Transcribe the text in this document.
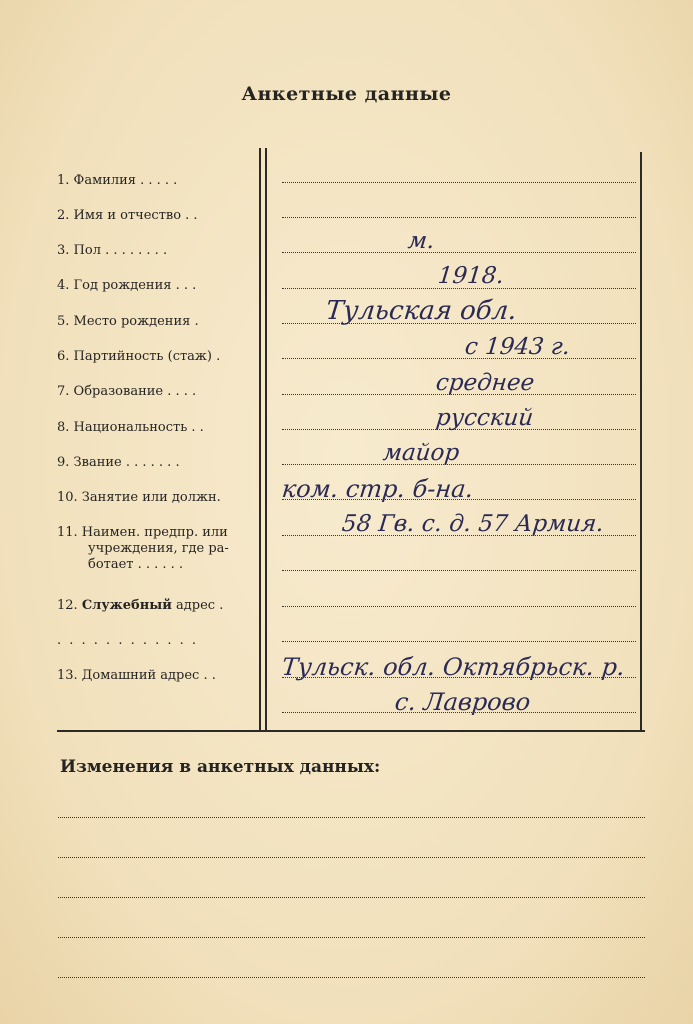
Анкетные данные
1. Фамилия . . . . .
2. Имя и отчество . .
3. Пол . . . . . . . .
4. Год рождения . . .
5. Место рождения .
6. Партийность (стаж) .
7. Образование . . . .
8. Национальность . .
9. Звание . . . . . . .
10. Занятие или должн.
11. Наимен. предпр. или
учреждения, где ра-
ботает . . . . . .
12. Служебный адрес .
. . . . . . . . . . . .
13. Домашний адрес . .
м.
1918.
Тульская обл.
с 1943 г.
среднее
русский
майор
ком. стр. б-на.
58 Гв. с. д. 57 Армия.
Тульск. обл. Октябрьск. р.
с. Лаврово
Изменения в анкетных данных:
